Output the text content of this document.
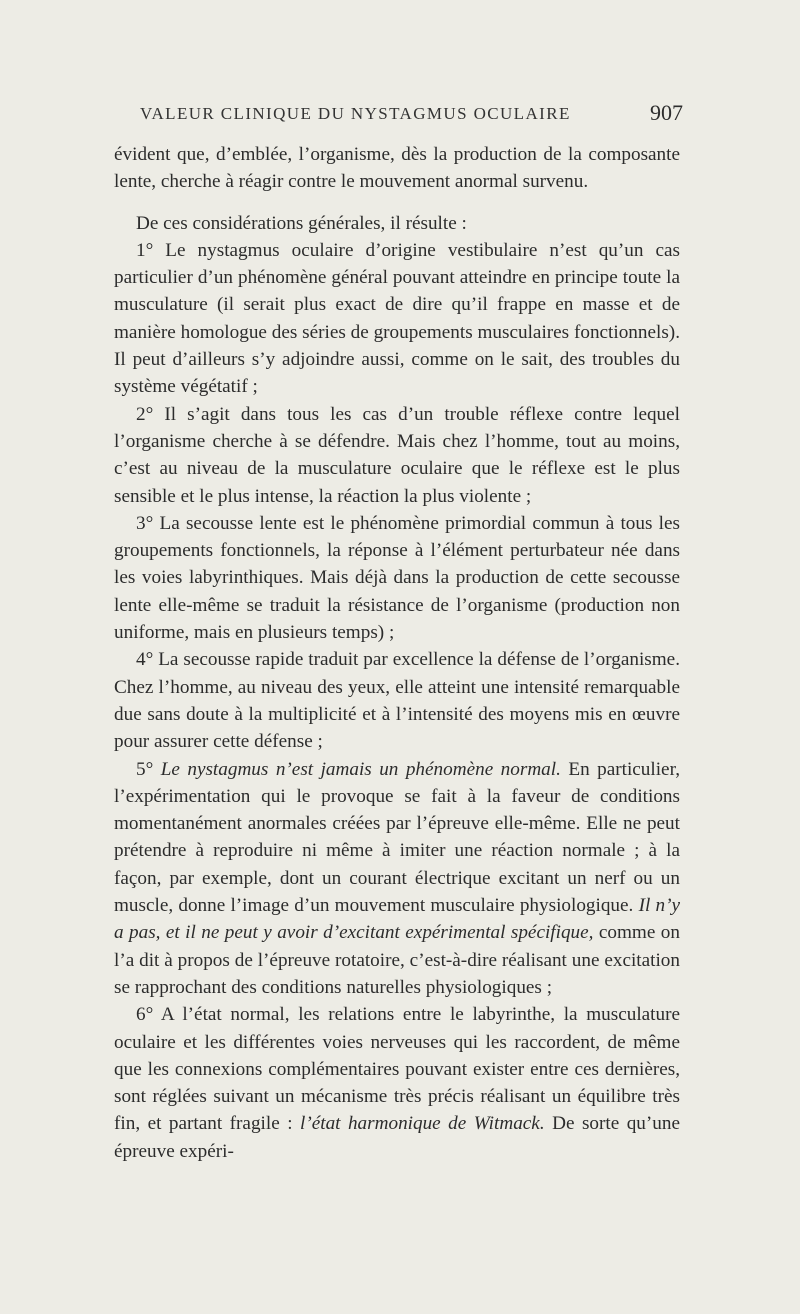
VALEUR CLINIQUE DU NYSTAGMUS OCULAIRE	907

évident que, d’emblée, l’organisme, dès la production de la composante lente, cherche à réagir contre le mouvement anormal survenu.

De ces considérations générales, il résulte :

1° Le nystagmus oculaire d’origine vestibulaire n’est qu’un cas particulier d’un phénomène général pouvant atteindre en principe toute la musculature (il serait plus exact de dire qu’il frappe en masse et de manière homologue des séries de groupements musculaires fonctionnels). Il peut d’ailleurs s’y adjoindre aussi, comme on le sait, des troubles du système végétatif ;

2° Il s’agit dans tous les cas d’un trouble réflexe contre lequel l’organisme cherche à se défendre. Mais chez l’homme, tout au moins, c’est au niveau de la musculature oculaire que le réflexe est le plus sensible et le plus intense, la réaction la plus violente ;

3° La secousse lente est le phénomène primordial commun à tous les groupements fonctionnels, la réponse à l’élément perturbateur née dans les voies labyrinthiques. Mais déjà dans la production de cette secousse lente elle-même se traduit la résistance de l’organisme (production non uniforme, mais en plusieurs temps) ;

4° La secousse rapide traduit par excellence la défense de l’organisme. Chez l’homme, au niveau des yeux, elle atteint une intensité remarquable due sans doute à la multiplicité et à l’intensité des moyens mis en œuvre pour assurer cette défense ;

5° Le nystagmus n’est jamais un phénomène normal. En particulier, l’expérimentation qui le provoque se fait à la faveur de conditions momentanément anormales créées par l’épreuve elle-même. Elle ne peut prétendre à reproduire ni même à imiter une réaction normale ; à la façon, par exemple, dont un courant électrique excitant un nerf ou un muscle, donne l’image d’un mouvement musculaire physiologique. Il n’y a pas, et il ne peut y avoir d’excitant expérimental spécifique, comme on l’a dit à propos de l’épreuve rotatoire, c’est-à-dire réalisant une excitation se rapprochant des conditions naturelles physiologiques ;

6° A l’état normal, les relations entre le labyrinthe, la musculature oculaire et les différentes voies nerveuses qui les raccordent, de même que les connexions complémentaires pouvant exister entre ces dernières, sont réglées suivant un mécanisme très précis réalisant un équilibre très fin, et partant fragile : l’état harmonique de Witmack. De sorte qu’une épreuve expéri-
